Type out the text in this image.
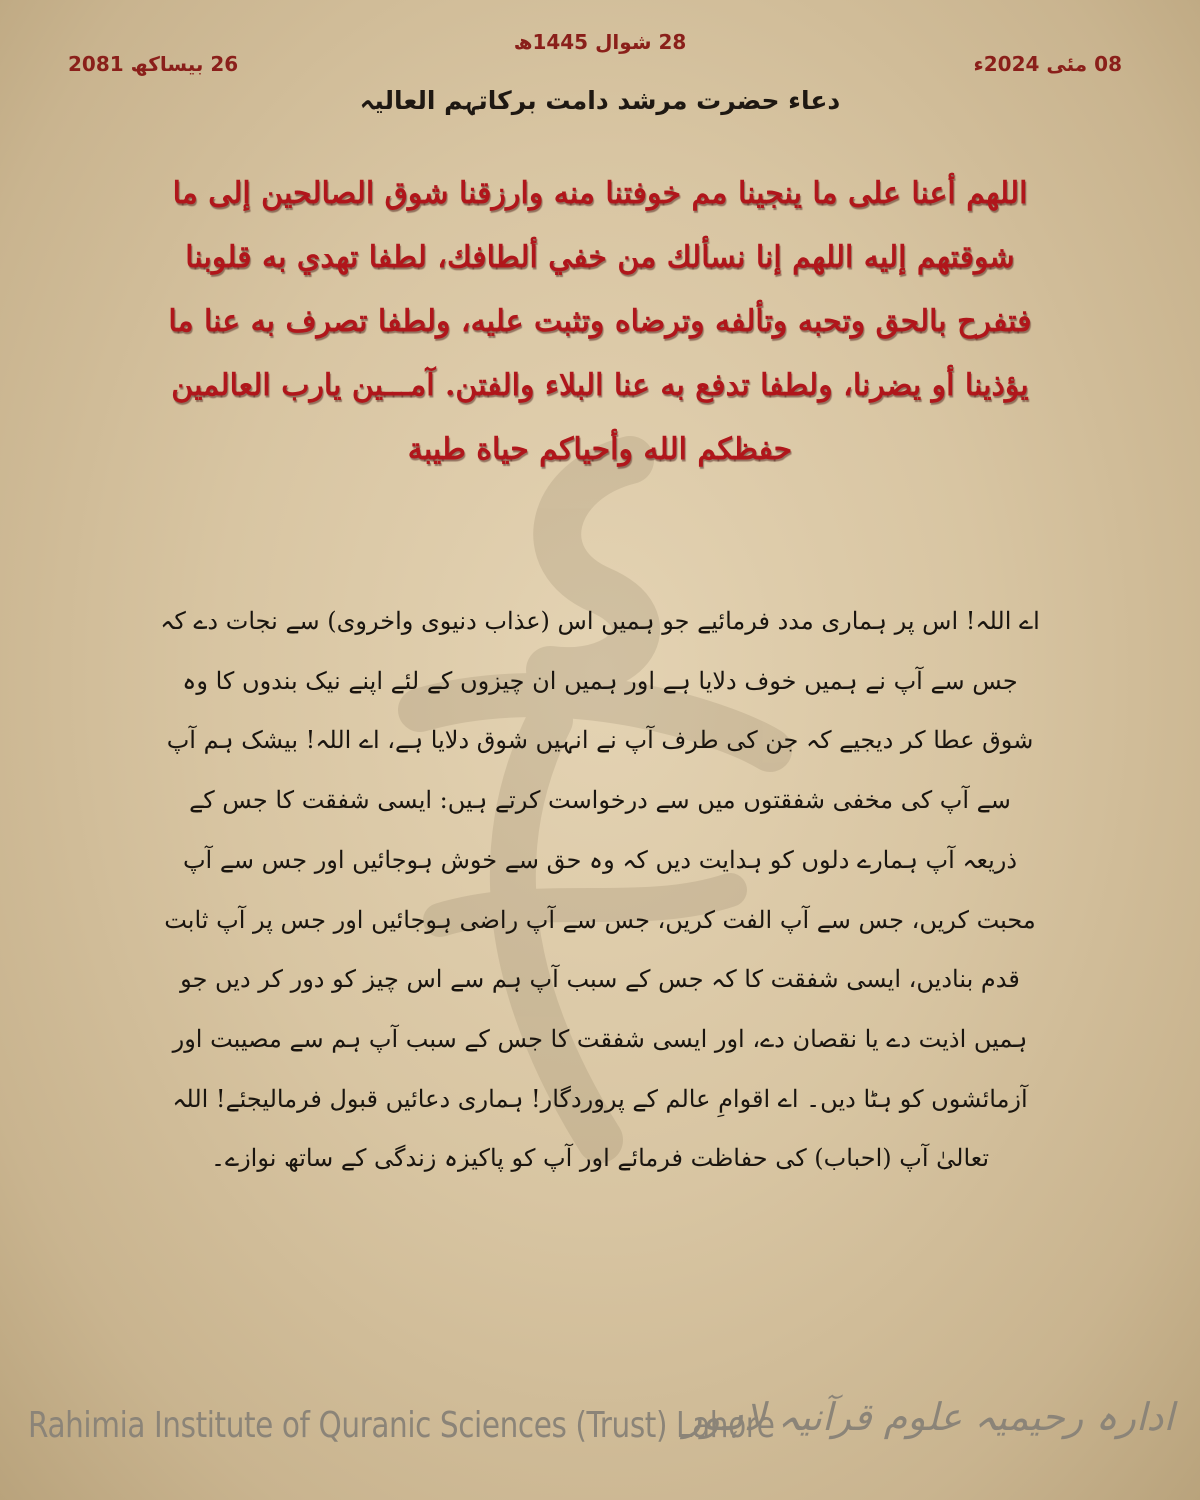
28 شوال 1445ھ
08 مئی 2024ء
26 بیساکھ 2081
دعاء حضرت مرشد دامت برکاتہم العالیہ
اللھم أعنا علی ما ینجینا مم خوفتنا منه وارزقنا شوق الصالحین إلی ما شوقتھم إليه اللھم إنا نسألك من خفي ألطافك، لطفا تھدي به قلوبنا فتفرح بالحق وتحبه وتألفه وترضاه وتثبت علیه، ولطفا تصرف به عنا ما یؤذینا أو یضرنا، ولطفا تدفع به عنا البلاء والفتن. آمـــین یارب العالمین حفظکم الله وأحیاکم حیاة طیبة
اے اللہ! اس پر ہماری مدد فرمائیے جو ہمیں اس (عذاب دنیوی واخروی) سے نجات دے کہ جس سے آپ نے ہمیں خوف دلایا ہے اور ہمیں ان چیزوں کے لئے اپنے نیک بندوں کا وہ شوق عطا کر دیجیے کہ جن کی طرف آپ نے انہیں شوق دلایا ہے، اے اللہ! بیشک ہم آپ سے آپ کی مخفی شفقتوں میں سے درخواست کرتے ہیں: ایسی شفقت کا جس کے ذریعہ آپ ہمارے دلوں کو ہدایت دیں کہ وہ حق سے خوش ہوجائیں اور جس سے آپ محبت کریں، جس سے آپ الفت کریں، جس سے آپ راضی ہوجائیں اور جس پر آپ ثابت قدم بنادیں، ایسی شفقت کا کہ جس کے سبب آپ ہم سے اس چیز کو دور کر دیں جو ہمیں اذیت دے یا نقصان دے، اور ایسی شفقت کا جس کے سبب آپ ہم سے مصیبت اور آزمائشوں کو ہٹا دیں۔ اے اقوامِ عالم کے پروردگار! ہماری دعائیں قبول فرمالیجئے! اللہ تعالیٰ آپ (احباب) کی حفاظت فرمائے اور آپ کو پاکیزہ زندگی کے ساتھ نوازے۔
Rahimia Institute of Quranic Sciences (Trust) Lahore
ادارہ رحیمیہ علوم قرآنیہ لاہور
